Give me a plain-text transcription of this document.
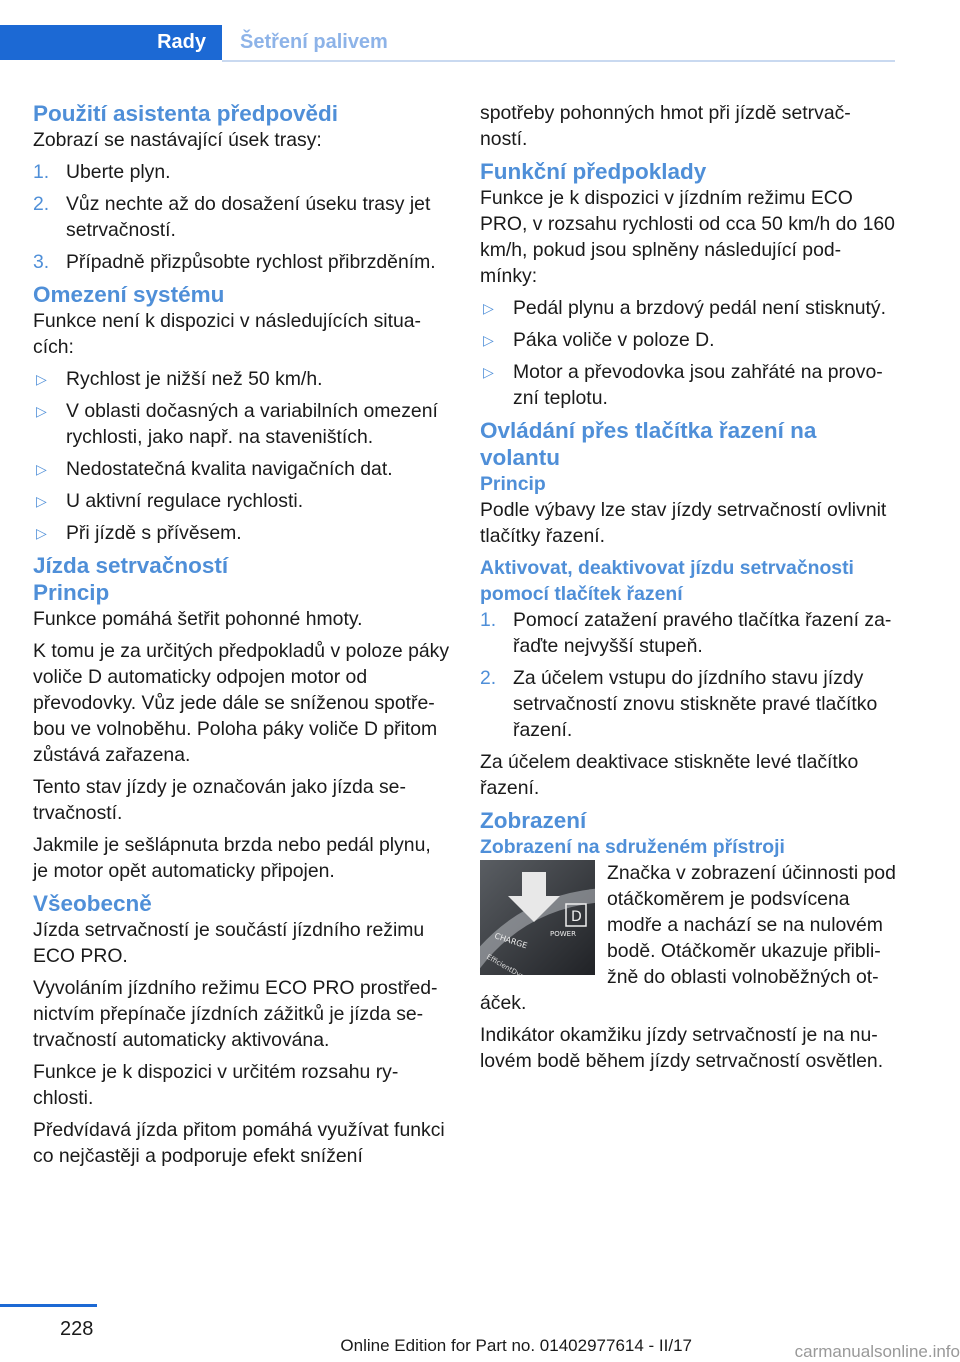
Rady	Šetření palivem
Použití asistenta předpovědi

Zobrazí se nastávající úsek trasy:

1. Uberte plyn.
2. Vůz nechte až do dosažení úseku trasy jet setrvačností.
3. Případně přizpůsobte rychlost přibrzděním.
Omezení systému

Funkce není k dispozici v následujících situa‐cích:

▷ Rychlost je nižší než 50 km/h.
▷ V oblasti dočasných a variabilních omezení rychlosti, jako např. na staveništích.
▷ Nedostatečná kvalita navigačních dat.
▷ U aktivní regulace rychlosti.
▷ Při jízdě s přívěsem.
Jízda setrvačností
Princip

Funkce pomáhá šetřit pohonné hmoty.

K tomu je za určitých předpokladů v poloze páky voliče D automaticky odpojen motor od převodovky. Vůz jede dále se sníženou spotře‐bou ve volnoběhu. Poloha páky voliče D přitom zůstává zařazena.

Tento stav jízdy je označován jako jízda se‐trvačností.

Jakmile je sešlápnuta brzda nebo pedál plynu, je motor opět automaticky připojen.

Všeobecně

Jízda setrvačností je součástí jízdního režimu ECO PRO.

Vyvoláním jízdního režimu ECO PRO prostřed‐nictvím přepínače jízdních zážitků je jízda se‐trvačností automaticky aktivována.

Funkce je k dispozici v určitém rozsahu ry‐chlosti.

Předvídavá jízda přitom pomáhá využívat funkci co nejčastěji a podporuje efekt snížení

spotřeby pohonných hmot při jízdě setrvač‐ností.

Funkční předpoklady

Funkce je k dispozici v jízdním režimu ECO PRO, v rozsahu rychlosti od cca 50 km/h do 160 km/h, pokud jsou splněny následující pod‐mínky:

▷ Pedál plynu a brzdový pedál není stisknutý.
▷ Páka voliče v poloze D.
▷ Motor a převodovka jsou zahřáté na provo‐zní teplotu.
Ovládání přes tlačítka řazení na volantu
Princip

Podle výbavy lze stav jízdy setrvačností ovlivnit tlačítky řazení.

Aktivovat, deaktivovat jízdu setrvačnosti pomocí tlačítek řazení
1. Pomocí zatažení pravého tlačítka řazení za‐řaďte nejvyšší stupeň.
2. Za účelem vstupu do jízdního stavu jízdy setrvačností znovu stiskněte pravé tlačítko řazení.

Za účelem deaktivace stiskněte levé tlačítko řazení.

Zobrazení
Zobrazení na sdruženém přístroji
CHARGE	POWER
D

Značka v zobrazení účinnosti pod otáčkoměrem je podsvícena modře a nachází se na nulovém bodě. Otáčkoměr ukazuje přibli‐žně do oblasti volnoběžných ot‐áček.

Indikátor okamžiku jízdy setrvačností je na nu‐lovém bodě během jízdy setrvačností osvětlen.

228
Online Edition for Part no. 01402977614 - II/17	carmanualsonline.info
